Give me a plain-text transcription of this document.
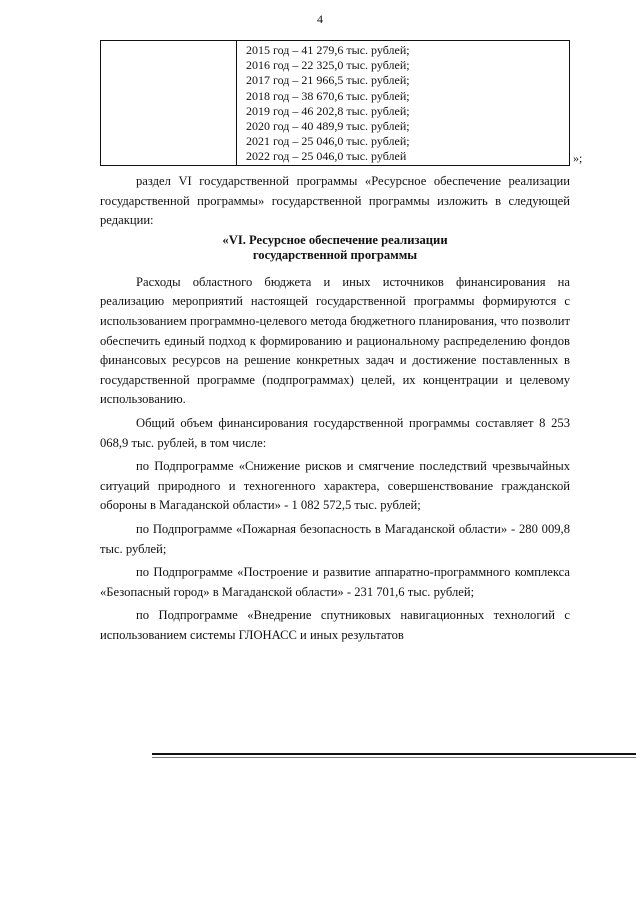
4
2015 год – 41 279,6 тыс. рублей;
2016 год – 22 325,0 тыс. рублей;
2017 год – 21 966,5 тыс. рублей;
2018 год – 38 670,6 тыс. рублей;
2019 год – 46 202,8 тыс. рублей;
2020 год – 40 489,9 тыс. рублей;
2021 год – 25 046,0 тыс. рублей;
2022 год – 25 046,0 тыс. рублей	»;

раздел VI государственной программы «Ресурсное обеспечение реализации государственной программы» государственной программы изложить в следующей редакции:

«VI. Ресурсное обеспечение реализации
государственной программы

Расходы областного бюджета и иных источников финансирования на реализацию мероприятий настоящей государственной программы формируются с использованием программно-целевого метода бюджетного планирования, что позволит обеспечить единый подход к формированию и рациональному распределению фондов финансовых ресурсов на решение конкретных задач и достижение поставленных в государственной программе (подпрограммах) целей, их концентрации и целевому использованию.

Общий объем финансирования государственной программы составляет 8 253 068,9 тыс. рублей, в том числе:

по Подпрограмме «Снижение рисков и смягчение последствий чрезвычайных ситуаций природного и техногенного характера, совершенствование гражданской обороны в Магаданской области» - 1 082 572,5 тыс. рублей;

по Подпрограмме «Пожарная безопасность в Магаданской области» - 280 009,8 тыс. рублей;

по Подпрограмме «Построение и развитие аппаратно-программного комплекса «Безопасный город» в Магаданской области» - 231 701,6 тыс. рублей;

по Подпрограмме «Внедрение спутниковых навигационных технологий с использованием системы ГЛОНАСС и иных результатов
